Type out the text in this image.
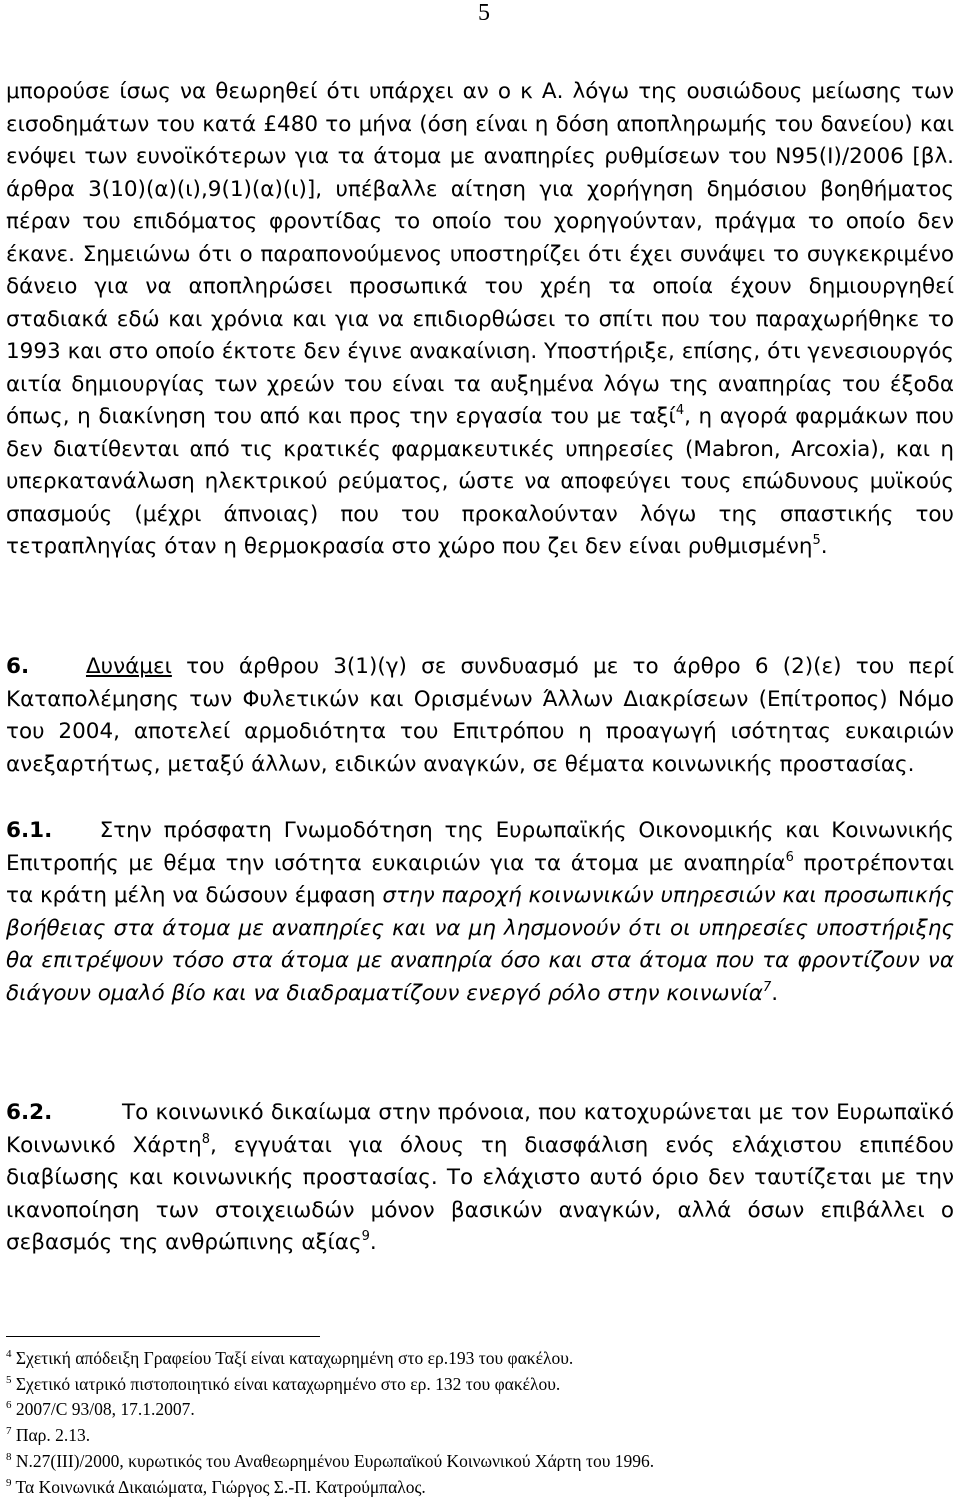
5

μπορούσε ίσως να θεωρηθεί ότι υπάρχει αν ο κ Α. λόγω της ουσιώδους μείωσης των εισοδημάτων του κατά £480 το μήνα (όση είναι η δόση αποπληρωμής του δανείου) και ενόψει των ευνοϊκότερων για τα άτομα με αναπηρίες ρυθμίσεων του Ν95(Ι)/2006 [βλ. άρθρα 3(10)(α)(ι),9(1)(α)(ι)], υπέβαλλε αίτηση για χορήγηση δημόσιου βοηθήματος πέραν του επιδόματος φροντίδας το οποίο του χορηγούνταν, πράγμα το οποίο δεν έκανε. Σημειώνω ότι ο παραπονούμενος υποστηρίζει ότι έχει συνάψει το συγκεκριμένο δάνειο για να αποπληρώσει προσωπικά του χρέη τα οποία έχουν δημιουργηθεί σταδιακά εδώ και χρόνια και για να επιδιορθώσει το σπίτι που του παραχωρήθηκε το 1993 και στο οποίο έκτοτε δεν έγινε ανακαίνιση. Υποστήριξε, επίσης, ότι γενεσιουργός αιτία δημιουργίας των χρεών του είναι τα αυξημένα λόγω της αναπηρίας του έξοδα όπως, η διακίνηση του από και προς την εργασία του με ταξί$^4$, η αγορά φαρμάκων που δεν διατίθενται από τις κρατικές φαρμακευτικές υπηρεσίες (Mabron, Arcoxia), και η υπερκατανάλωση ηλεκτρικού ρεύματος, ώστε να αποφεύγει τους επώδυνους μυϊκούς σπασμούς (μέχρι άπνοιας) που του προκαλούνταν λόγω της σπαστικής του τετραπληγίας όταν η θερμοκρασία στο χώρο που ζει δεν είναι ρυθμισμένη$^5$.

6.	Δυνάμει του άρθρου 3(1)(γ) σε συνδυασμό με το άρθρο 6 (2)(ε) του περί Καταπολέμησης των Φυλετικών και Ορισμένων Άλλων Διακρίσεων (Επίτροπος) Νόμο του 2004, αποτελεί αρμοδιότητα του Επιτρόπου η προαγωγή ισότητας ευκαιριών ανεξαρτήτως, μεταξύ άλλων, ειδικών αναγκών, σε θέματα κοινωνικής προστασίας.

6.1. Στην πρόσφατη Γνωμοδότηση της Ευρωπαϊκής Οικονομικής και Κοινωνικής Επιτροπής με θέμα την ισότητα ευκαιριών για τα άτομα με αναπηρία$^6$ προτρέπονται τα κράτη μέλη να δώσουν έμφαση στην παροχή κοινωνικών υπηρεσιών και προσωπικής βοήθειας στα άτομα με αναπηρίες και να μη λησμονούν ότι οι υπηρεσίες υποστήριξης θα επιτρέψουν τόσο στα άτομα με αναπηρία όσο και στα άτομα που τα φροντίζουν να διάγουν ομαλό βίο και να διαδραματίζουν ενεργό ρόλο στην κοινωνία$^7$.

6.2.	Το κοινωνικό δικαίωμα στην πρόνοια, που κατοχυρώνεται με τον Ευρωπαϊκό Κοινωνικό Χάρτη$^8$, εγγυάται για όλους τη διασφάλιση ενός ελάχιστου επιπέδου διαβίωσης και κοινωνικής προστασίας. Το ελάχιστο αυτό όριο δεν ταυτίζεται με την ικανοποίηση των στοιχειωδών μόνον βασικών αναγκών, αλλά όσων επιβάλλει ο σεβασμός της ανθρώπινης αξίας$^9$.

$^4$ Σχετική απόδειξη Γραφείου Ταξί είναι καταχωρημένη στο ερ.193 του φακέλου.
$^5$ Σχετικό ιατρικό πιστοποιητικό είναι καταχωρημένο στο ερ. 132 του φακέλου.
$^6$ 2007/C 93/08, 17.1.2007.
$^7$ Παρ. 2.13.
$^8$ N.27(III)/2000, κυρωτικός του Αναθεωρημένου Ευρωπαϊκού Κοινωνικού Χάρτη του 1996.
$^9$ Τα Κοινωνικά Δικαιώματα, Γιώργος Σ.-Π. Κατρούμπαλος.
